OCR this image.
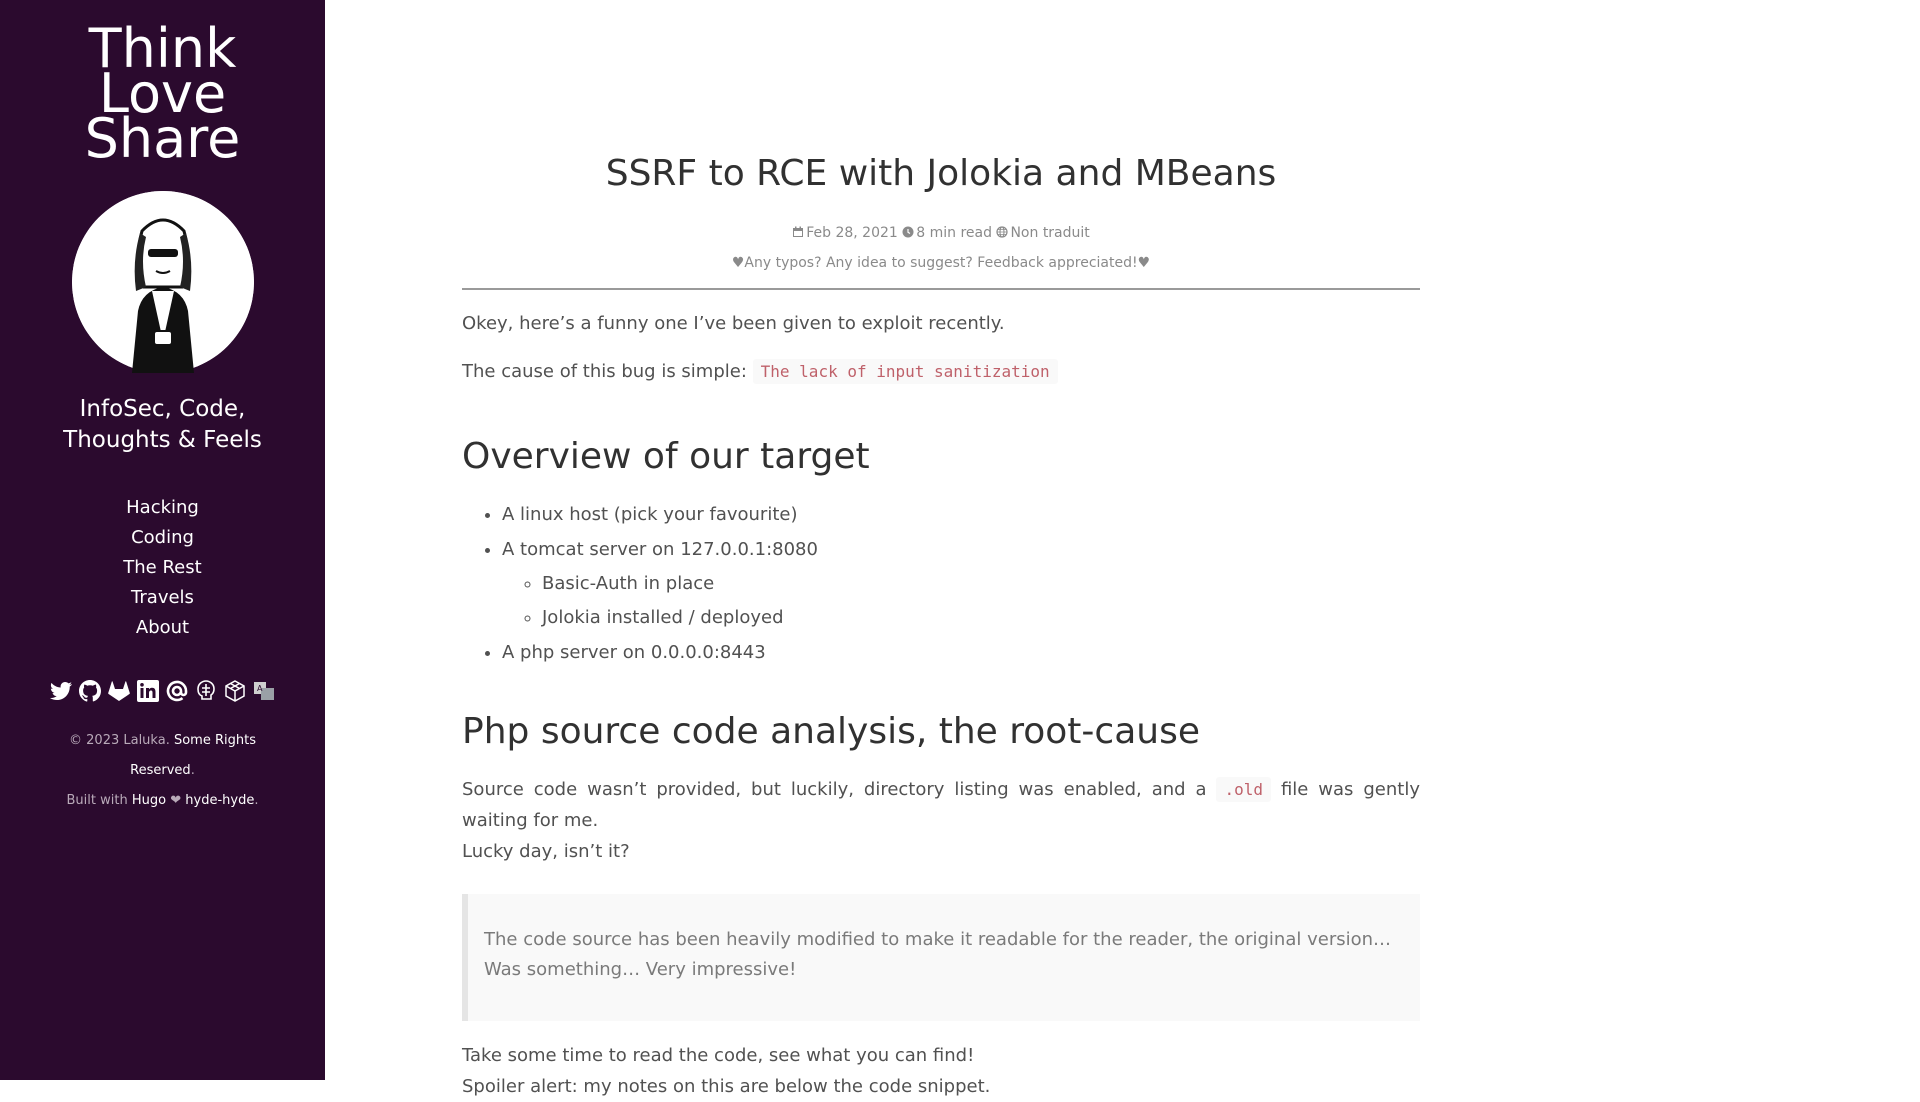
Think
Love
Share
InfoSec, Code, Thoughts & Feels
Hacking
Coding
The Rest
Travels
About
A
© 2023 Laluka. Some Rights Reserved.
Built with Hugo ❤ hyde-hyde.
SSRF to RCE with Jolokia and MBeans
Feb 28, 2021 8 min read Non traduit
♥Any typos? Any idea to suggest? Feedback appreciated!♥

Okey, here’s a funny one I’ve been given to exploit recently.

The cause of this bug is simple: The lack of input sanitization

Overview of our target
• A linux host (pick your favourite)
• A tomcat server on 127.0.0.1:8080
◦ Basic-Auth in place
◦ Jolokia installed / deployed
• A php server on 0.0.0.0:8443
Php source code analysis, the root-cause

Source code wasn’t provided, but luckily, directory listing was enabled, and a .old file was gently waiting for me.
Lucky day, isn’t it?

The code source has been heavily modified to make it readable for the reader, the original version…
Was something… Very impressive!

Take some time to read the code, see what you can find!
Spoiler alert: my notes on this are below the code snippet.
